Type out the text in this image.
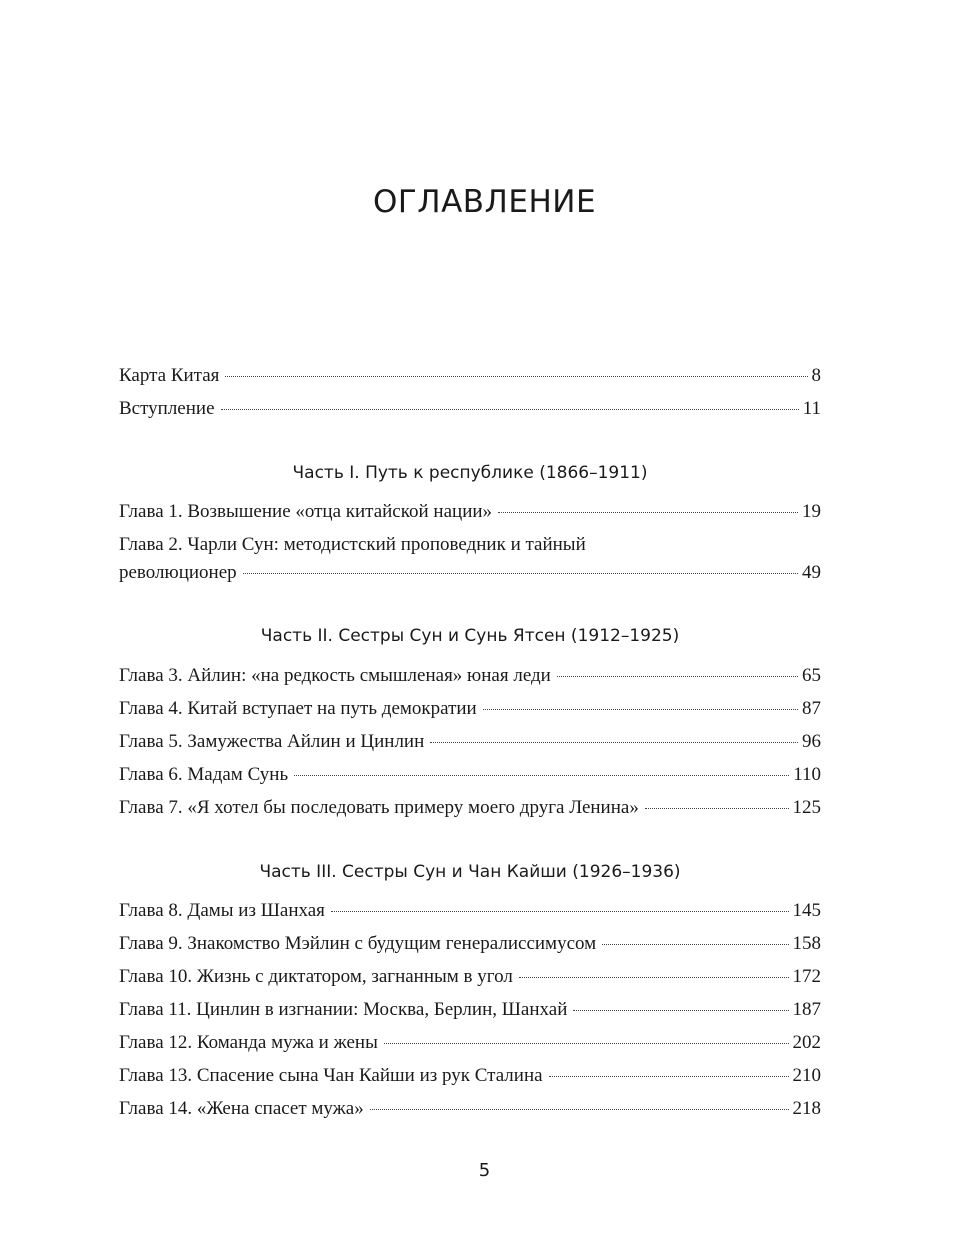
ОГЛАВЛЕНИЕ
Карта Китая	8
Вступление	11
Часть I. Путь к республике (1866–1911)
Глава 1. Возвышение «отца китайской нации»	19
Глава 2. Чарли Сун: методистский проповедник и тайный
революционер	49
Часть II. Сестры Сун и Сунь Ятсен (1912–1925)
Глава 3. Айлин: «на редкость смышленая» юная леди	65
Глава 4. Китай вступает на путь демократии	87
Глава 5. Замужества Айлин и Цинлин	96
Глава 6. Мадам Сунь	110
Глава 7. «Я хотел бы последовать примеру моего друга Ленина»	125
Часть III. Сестры Сун и Чан Кайши (1926–1936)
Глава 8. Дамы из Шанхая	145
Глава 9. Знакомство Мэйлин с будущим генералиссимусом	158
Глава 10. Жизнь с диктатором, загнанным в угол	172
Глава 11. Цинлин в изгнании: Москва, Берлин, Шанхай	187
Глава 12. Команда мужа и жены	202
Глава 13. Спасение сына Чан Кайши из рук Сталина	210
Глава 14. «Жена спасет мужа»	218
5
